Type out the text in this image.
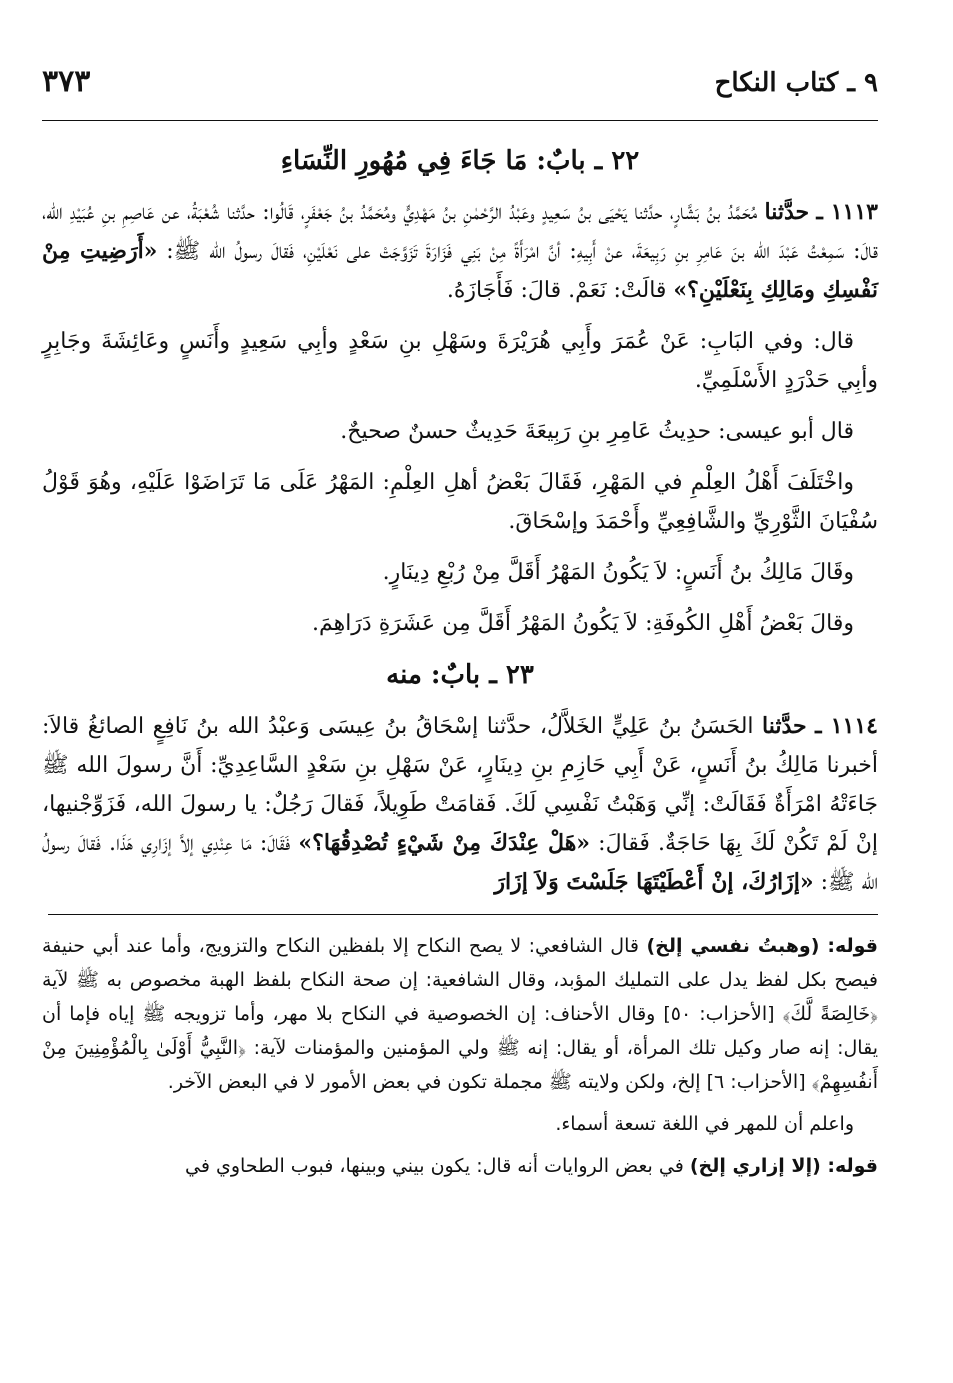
٩ ـ كتاب النكاح
٣٧٣
٢٢ ـ بابٌ: مَا جَاءَ فِي مُهُورِ النِّسَاءِ

١١١٣ ـ حدَّثنا مُحَمَّدُ بنُ بَشَّارٍ، حدَّثنا يَحْيَى بنُ سَعِيدٍ وعَبْدُ الرَّحْمٰنِ بنُ مَهْدِيٍّ ومُحَمَّدُ بنُ جَعْفَرٍ، قَالُوا: حدَّثنا شُعْبَةُ، عن عَاصِمِ بنِ عُبَيْدِ الله، قالَ: سَمِعْتُ عَبْدَ الله بنَ عَامِرِ بنِ رَبِيعَةَ، عنْ أَبِيهِ: أنَّ امْرَأَةً مِنْ بَنِي فَزَارَةَ تَزَوَّجَتْ على نَعْلَيْنِ، فَقالَ رسولُ الله ﷺ: «أَرَضِيتِ مِنْ نَفْسِكِ ومَالِكِ بِنَعْلَيْنِ؟» قالَتْ: نَعَمْ. قالَ: فَأَجَازَهُ.

قال: وفي البَابِ: عَنْ عُمَرَ وأَبِي هُرَيْرَةَ وسَهْلِ بنِ سَعْدٍ وأبِي سَعِيدٍ وأَنَسٍ وعَائِشَةَ وجَابِرٍ وأبِي حَدْرَدٍ الأَسْلَمِيِّ.

قال أبو عيسى: حدِيثُ عَامِرِ بنِ رَبِيعَةَ حَدِيثٌ حسنٌ صحيحٌ.

واخْتَلَفَ أَهْلُ العِلْمِ في المَهْرِ، فَقَالَ بَعْضُ أهلِ العِلْمِ: المَهْرُ عَلَى مَا تَرَاضَوْا عَلَيْهِ، وهُوَ قَوْلُ سُفْيَانَ الثَّوْرِيِّ والشَّافِعِيِّ وأَحْمَدَ وإسْحَاقَ.

وقَالَ مَالِكُ بنُ أَنَسٍ: لاَ يَكُونُ المَهْرُ أَقَلَّ مِنْ رُبْعِ دِينَارٍ.

وقالَ بَعْضُ أَهْلِ الكُوفَةِ: لاَ يَكُونُ المَهْرُ أَقَلَّ مِن عَشَرَةِ دَرَاهِمَ.

٢٣ ـ بابٌ: منه

١١١٤ ـ حدَّثنا الحَسَنُ بنُ عَلِيٍّ الخَلاَّلُ، حدَّثنا إسْحَاقُ بنُ عِيسَى وَعبْدُ الله بنُ نَافِعٍ الصائغُ قالاَ: أخبرنا مَالِكُ بنُ أَنَسٍ، عَنْ أَبِي حَازِمِ بنِ دِينَارٍ، عَنْ سَهْلِ بنِ سَعْدٍ السَّاعِدِيِّ: أَنَّ رسولَ الله ﷺ جَاءَتْهُ امْرَأَةٌ فَقَالَتْ: إنِّي وَهَبْتُ نَفْسِي لَكَ. فَقامَتْ طَوِيلاً، فَقالَ رَجُلٌ: يا رسولَ الله، فَزَوِّجْنيها، إنْ لَمْ تَكُنْ لَكَ بِهَا حَاجَةٌ. فَقالَ: «هَلْ عِنْدَكَ مِنْ شَيْءٍ تُصْدِقُهَا؟» فَقَالَ: مَا عِنْدِي إلاَّ إزَارِي هَذَا. فَقالَ رسولُ الله ﷺ: «إزَارُكَ، إنْ أَعْطَيْتَهَا جَلَسْتَ وَلاَ إزَارَ

قوله: (وهبتُ نفسي إلخ) قال الشافعي: لا يصح النكاح إلا بلفظين النكاح والتزويج، وأما عند أبي حنيفة فيصح بكل لفظ يدل على التمليك المؤبد، وقال الشافعية: إن صحة النكاح بلفظ الهبة مخصوص به ﷺ لآية ﴿خَالِصَةً لَّكَ﴾ [الأحزاب: ٥٠] وقال الأحناف: إن الخصوصية في النكاح بلا مهر، وأما تزويجه ﷺ إياه فإما أن يقال: إنه صار وكيل تلك المرأة، أو يقال: إنه ﷺ ولي المؤمنين والمؤمنات لآية: ﴿النَّبِيُّ أَوْلَىٰ بِالْمُؤْمِنِينَ مِنْ أَنفُسِهِمْ﴾ [الأحزاب: ٦] إلخ، ولكن ولايته ﷺ مجملة تكون في بعض الأمور لا في البعض الآخر.

واعلم أن للمهر في اللغة تسعة أسماء.

قوله: (إلا إزاري إلخ) في بعض الروايات أنه قال: يكون بيني وبينها، فبوب الطحاوي في
